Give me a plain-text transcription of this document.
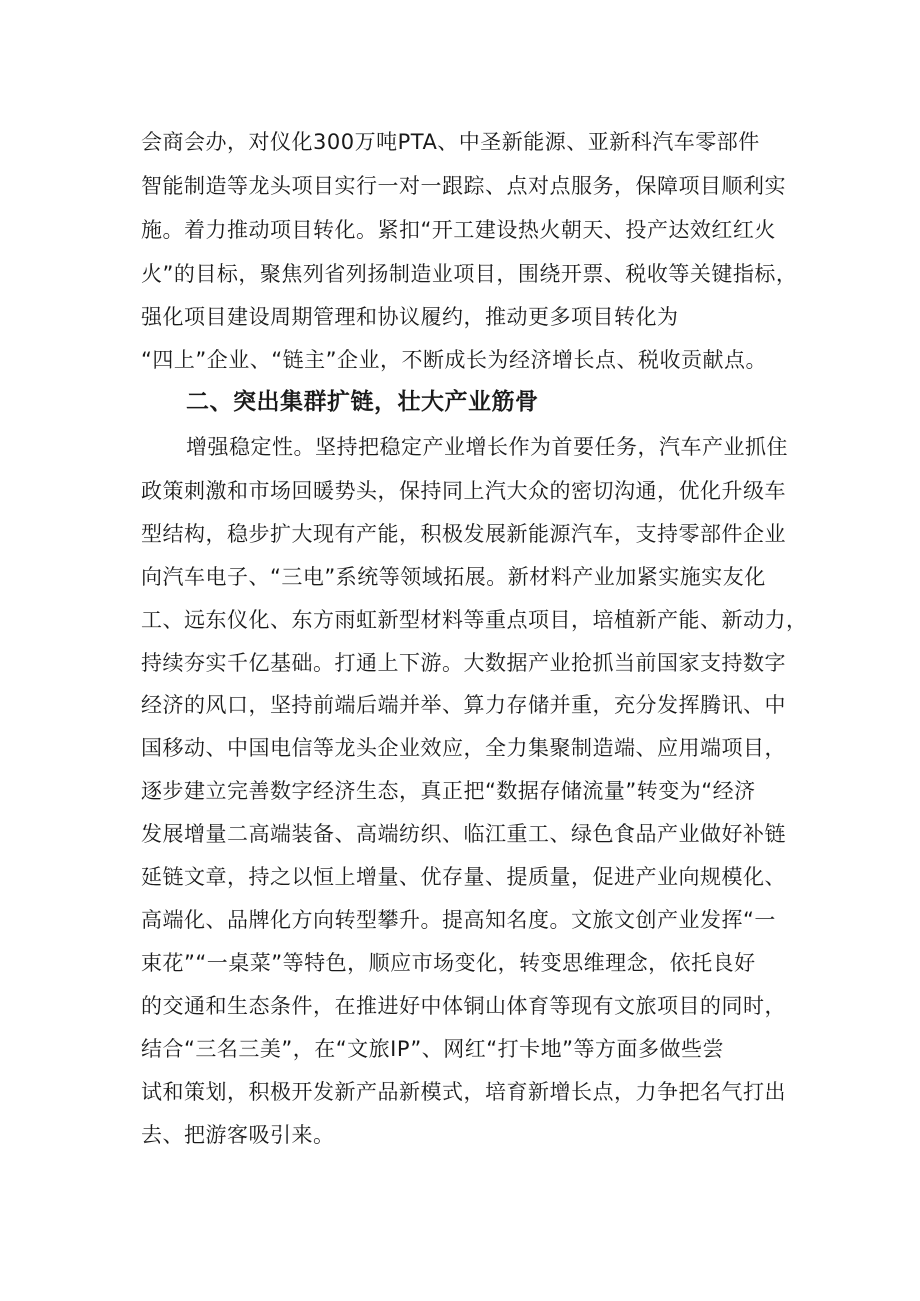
会商会办，对仪化300万吨PTA、中圣新能源、亚新科汽车零部件
智能制造等龙头项目实行一对一跟踪、点对点服务，保障项目顺利实
施。着力推动项目转化。紧扣“开工建设热火朝天、投产达效红红火
火”的目标，聚焦列省列扬制造业项目，围绕开票、税收等关键指标，
强化项目建设周期管理和协议履约，推动更多项目转化为
“四上”企业、“链主”企业，不断成长为经济增长点、税收贡献点。
二、突出集群扩链，壮大产业筋骨
增强稳定性。坚持把稳定产业增长作为首要任务，汽车产业抓住
政策刺激和市场回暖势头，保持同上汽大众的密切沟通，优化升级车
型结构，稳步扩大现有产能，积极发展新能源汽车，支持零部件企业
向汽车电子、“三电”系统等领域拓展。新材料产业加紧实施实友化
工、远东仪化、东方雨虹新型材料等重点项目，培植新产能、新动力，
持续夯实千亿基础。打通上下游。大数据产业抢抓当前国家支持数字
经济的风口，坚持前端后端并举、算力存储并重，充分发挥腾讯、中
国移动、中国电信等龙头企业效应，全力集聚制造端、应用端项目，
逐步建立完善数字经济生态，真正把“数据存储流量”转变为“经济
发展增量二高端装备、高端纺织、临江重工、绿色食品产业做好补链
延链文章，持之以恒上增量、优存量、提质量，促进产业向规模化、
高端化、品牌化方向转型攀升。提高知名度。文旅文创产业发挥“一
束花”“一桌菜”等特色，顺应市场变化，转变思维理念，依托良好
的交通和生态条件，在推进好中体铜山体育等现有文旅项目的同时，
结合“三名三美”，在“文旅IP”、网红“打卡地”等方面多做些尝
试和策划，积极开发新产品新模式，培育新增长点，力争把名气打出
去、把游客吸引来。
